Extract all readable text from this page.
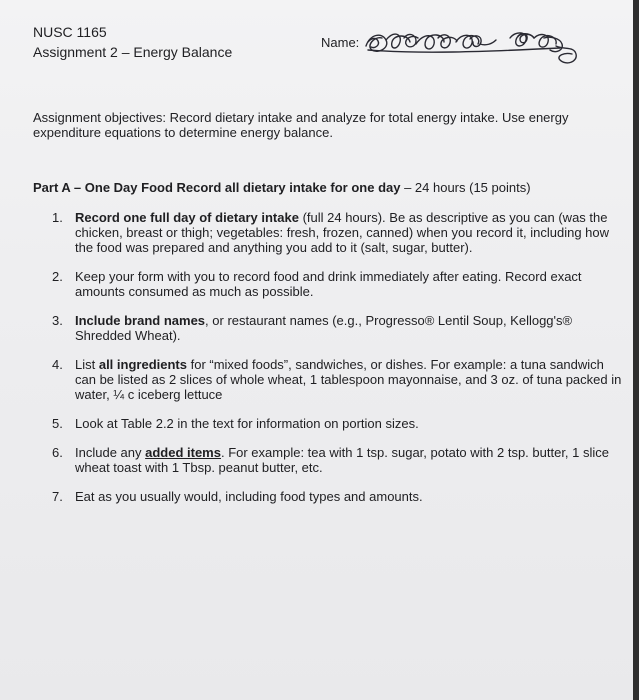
NUSC 1165
Assignment 2 – Energy Balance
Name:
Assignment objectives: Record dietary intake and analyze for total energy intake. Use energy expenditure equations to determine energy balance.
Part A – One Day Food Record all dietary intake for one day – 24 hours (15 points)
1. Record one full day of dietary intake (full 24 hours). Be as descriptive as you can (was the chicken, breast or thigh; vegetables: fresh, frozen, canned) when you record it, including how the food was prepared and anything you add to it (salt, sugar, butter).
2. Keep your form with you to record food and drink immediately after eating. Record exact amounts consumed as much as possible.
3. Include brand names, or restaurant names (e.g., Progresso® Lentil Soup, Kellogg's® Shredded Wheat).
4. List all ingredients for “mixed foods”, sandwiches, or dishes. For example: a tuna sandwich can be listed as 2 slices of whole wheat, 1 tablespoon mayonnaise, and 3 oz. of tuna packed in water, ¼ c iceberg lettuce
5. Look at Table 2.2 in the text for information on portion sizes.
6. Include any added items. For example: tea with 1 tsp. sugar, potato with 2 tsp. butter, 1 slice wheat toast with 1 Tbsp. peanut butter, etc.
7. Eat as you usually would, including food types and amounts.
